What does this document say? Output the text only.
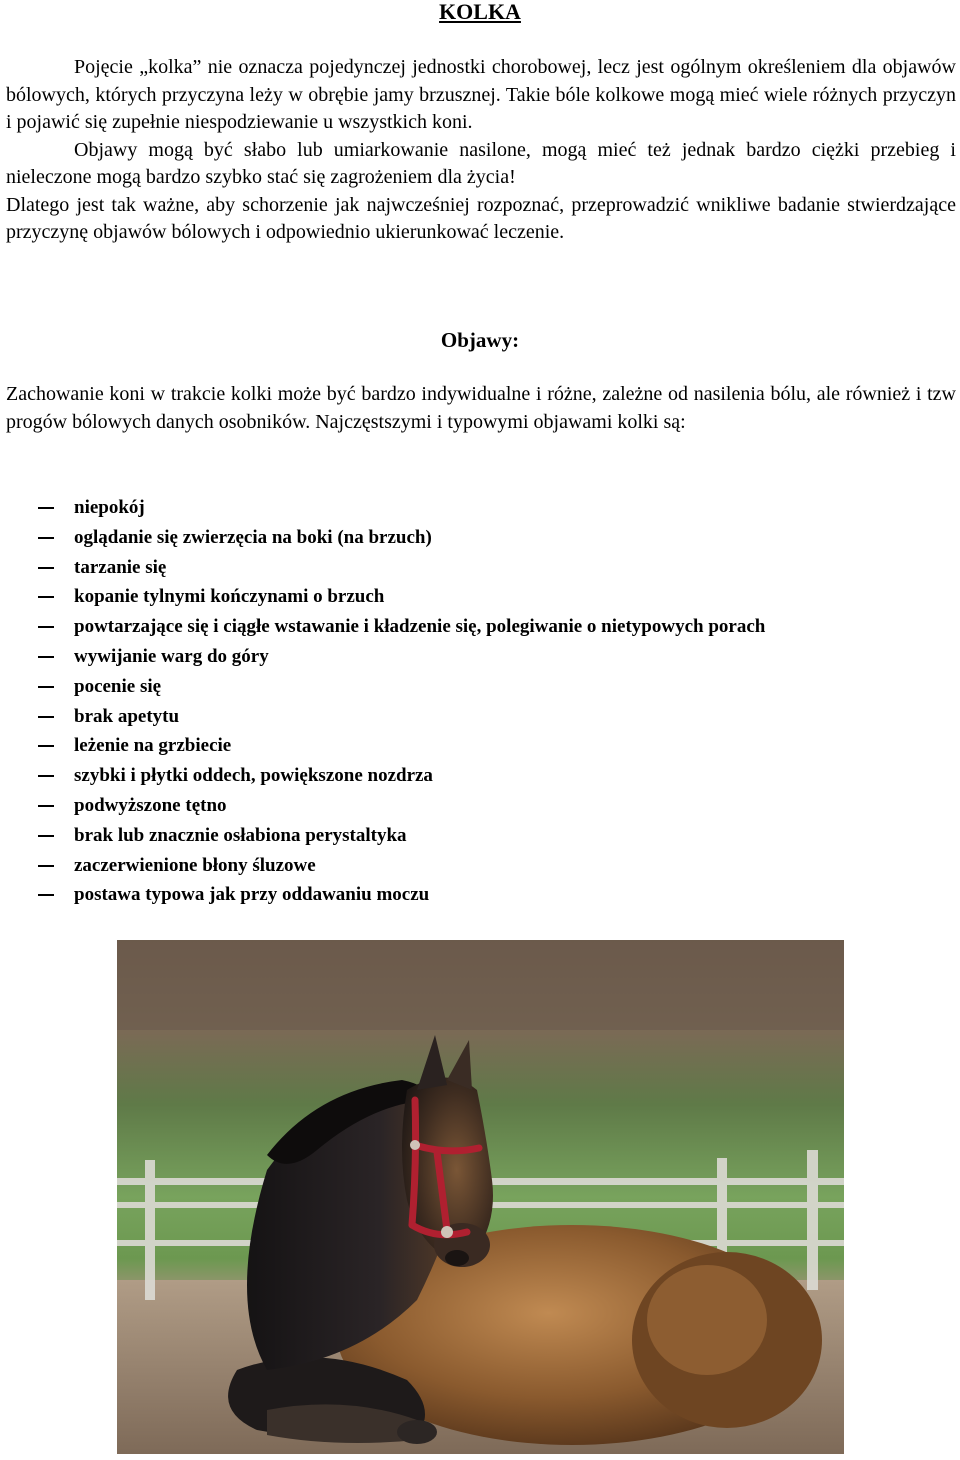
KOLKA

Pojęcie „kolka” nie oznacza pojedynczej jednostki chorobowej, lecz jest ogólnym określeniem dla objawów bólowych, których przyczyna leży w obrębie jamy brzusznej. Takie bóle kolkowe mogą mieć wiele różnych przyczyn i pojawić się zupełnie niespodziewanie u wszystkich koni.

Objawy mogą być słabo lub umiarkowanie nasilone, mogą mieć też jednak bardzo ciężki przebieg i nieleczone mogą bardzo szybko stać się zagrożeniem dla życia!

Dlatego jest tak ważne, aby schorzenie jak najwcześniej rozpoznać, przeprowadzić wnikliwe badanie stwierdzające przyczynę objawów bólowych i odpowiednio ukierunkować leczenie.

Objawy:

Zachowanie koni w trakcie kolki może być bardzo indywidualne i różne, zależne od nasilenia bólu, ale również i tzw progów bólowych danych osobników. Najczęstszymi i typowymi objawami kolki są:

niepokój
oglądanie się zwierzęcia na boki (na brzuch)
tarzanie się
kopanie tylnymi kończynami o brzuch
powtarzające się i ciągłe wstawanie i kładzenie się, polegiwanie o nietypowych porach
wywijanie warg do góry
pocenie się
brak apetytu
leżenie na grzbiecie
szybki i płytki oddech, powiększone nozdrza
podwyższone tętno
brak lub znacznie osłabiona perystaltyka
zaczerwienione błony śluzowe
postawa typowa jak przy oddawaniu moczu
